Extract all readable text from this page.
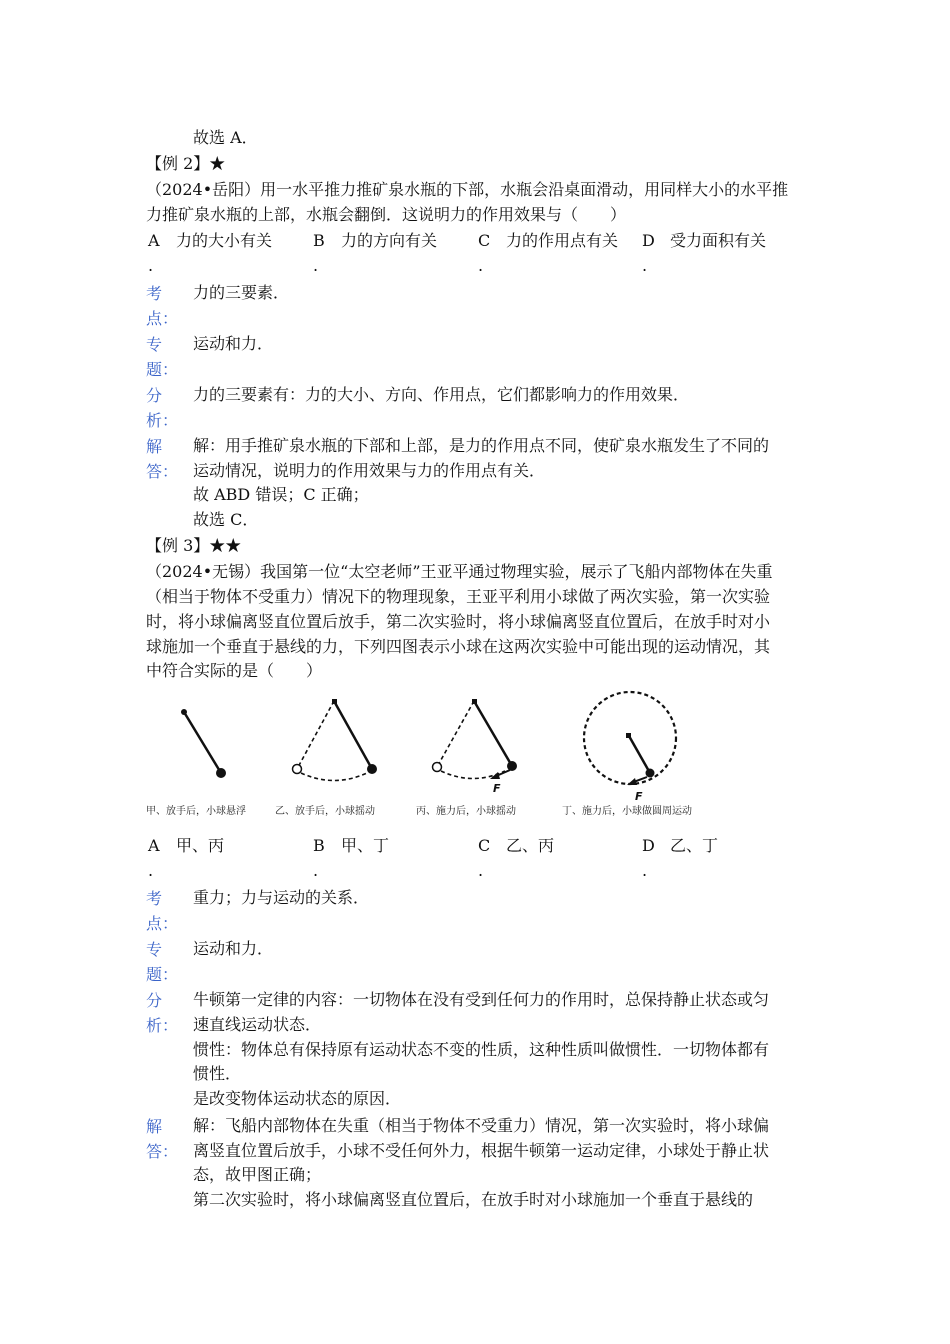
故选 A．
【例 2】★
（2024•岳阳）用一水平推力推矿泉水瓶的下部，水瓶会沿桌面滑动，用同样大小的水平推
力推矿泉水瓶的上部，水瓶会翻倒．这说明力的作用效果与（　　）
A 力的大小有关	B 力的方向有关	C 力的作用点有关 D 受力面积有关
.	.	.	.
考
点：
力的三要素．
专
题：
运动和力．
分
析：
力的三要素有：力的大小、方向、作用点，它们都影响力的作用效果．
解
答：
解：用手推矿泉水瓶的下部和上部，是力的作用点不同，使矿泉水瓶发生了不同的
运动情况，说明力的作用效果与力的作用点有关．
故 ABD 错误；C 正确；
故选 C．
【例 3】★★
（2024•无锡）我国第一位“太空老师”王亚平通过物理实验，展示了飞船内部物体在失重
（相当于物体不受重力）情况下的物理现象，王亚平利用小球做了两次实验，第一次实验
时，将小球偏离竖直位置后放手，第二次实验时，将小球偏离竖直位置后，在放手时对小
球施加一个垂直于悬线的力，下列四图表示小球在这两次实验中可能出现的运动情况，其
中符合实际的是（　　）
F
F
甲、放手后，小球悬浮	乙、放手后，小球摇动	丙、施力后，小球摇动	丁、施力后，小球做圆周运动
A 甲、丙	B 甲、丁	C 乙、丙	D 乙、丁
.	.	.	.
考
点：
重力；力与运动的关系．
专
题：
运动和力．
分
析：
牛顿第一定律的内容：一切物体在没有受到任何力的作用时，总保持静止状态或匀
速直线运动状态．
惯性：物体总有保持原有运动状态不变的性质，这种性质叫做惯性．一切物体都有
惯性．
是改变物体运动状态的原因．
解
答：
解：飞船内部物体在失重（相当于物体不受重力）情况，第一次实验时，将小球偏
离竖直位置后放手，小球不受任何外力，根据牛顿第一运动定律，小球处于静止状
态，故甲图正确；
第二次实验时，将小球偏离竖直位置后，在放手时对小球施加一个垂直于悬线的
